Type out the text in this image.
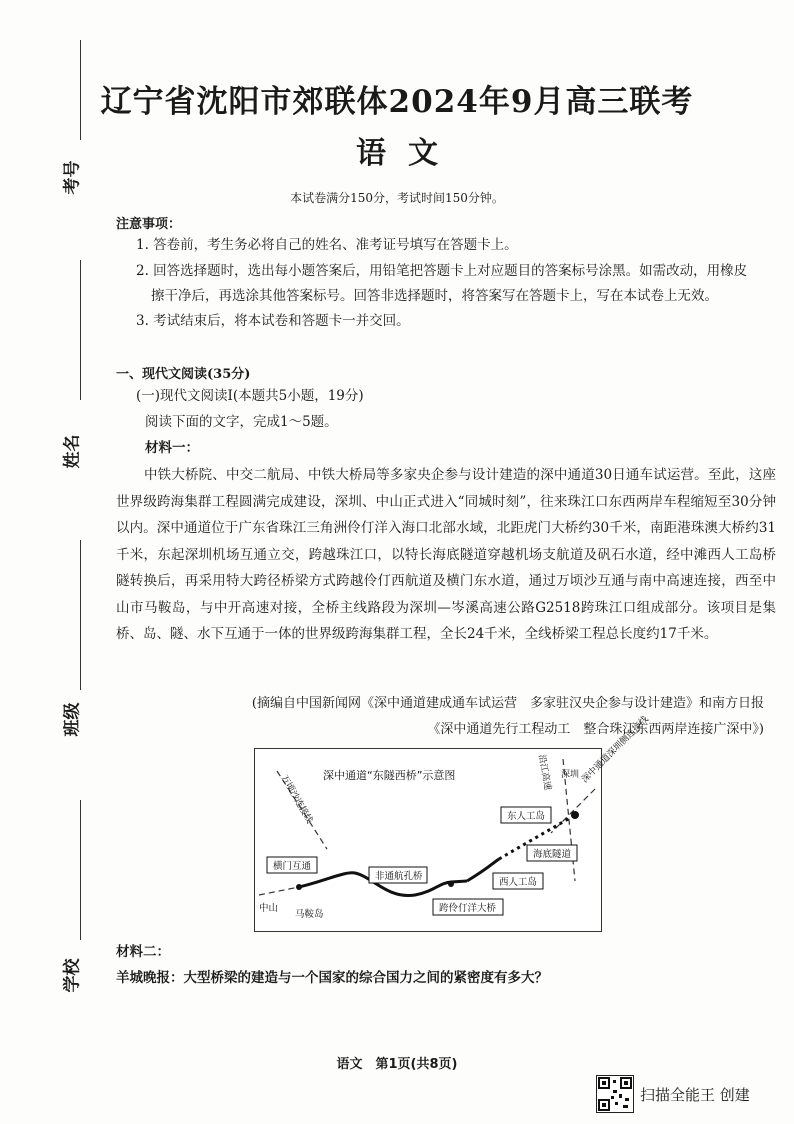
考号
姓名
班级
学校
辽宁省沈阳市郊联体2024年9月高三联考
语文
本试卷满分150分，考试时间150分钟。
注意事项：
1. 答卷前，考生务必将自己的姓名、准考证号填写在答题卡上。
2. 回答选择题时，选出每小题答案后，用铅笔把答题卡上对应题目的答案标号涂黑。如需改动，用橡皮
擦干净后，再选涂其他答案标号。回答非选择题时，将答案写在答题卡上，写在本试卷上无效。
3. 考试结束后，将本试卷和答题卡一并交回。
一、现代文阅读(35分)
(一)现代文阅读Ⅰ(本题共5小题，19分)
阅读下面的文字，完成1～5题。
材料一：
中铁大桥院、中交二航局、中铁大桥局等多家央企参与设计建造的深中通道30日通车试运营。至此，这座世界级跨海集群工程圆满完成建设，深圳、中山正式进入“同城时刻”，往来珠江口东西两岸车程缩短至30分钟以内。深中通道位于广东省珠江三角洲伶仃洋入海口北部水域，北距虎门大桥约30千米，南距港珠澳大桥约31千米，东起深圳机场互通立交，跨越珠江口，以特长海底隧道穿越机场支航道及矾石水道，经中滩西人工岛桥隧转换后，再采用特大跨径桥梁方式跨越伶仃西航道及横门东水道，通过万顷沙互通与南中高速连接，西至中山市马鞍岛，与中开高速对接，全桥主线路段为深圳—岑溪高速公路G2518跨珠江口组成部分。该项目是集桥、岛、隧、水下互通于一体的世界级跨海集群工程，全长24千米，全线桥梁工程总长度约17千米。
(摘编自中国新闻网《深中通道建成通车试运营　多家驻汉央企参与设计建造》和南方日报
《深中通道先行工程动工　整合珠江东西两岸连接广深中》)
深中通道“东隧西桥”示意图
万顷沙连接线
沿江高速 深圳 深中通道深圳侧连接线
东人工岛
海底隧道
西人工岛
横门互通
非通航孔桥
跨伶仃洋大桥
中山
马鞍岛
材料二：
羊城晚报：大型桥梁的建造与一个国家的综合国力之间的紧密度有多大？
语文　第1页(共8页)
扫描全能王 创建
